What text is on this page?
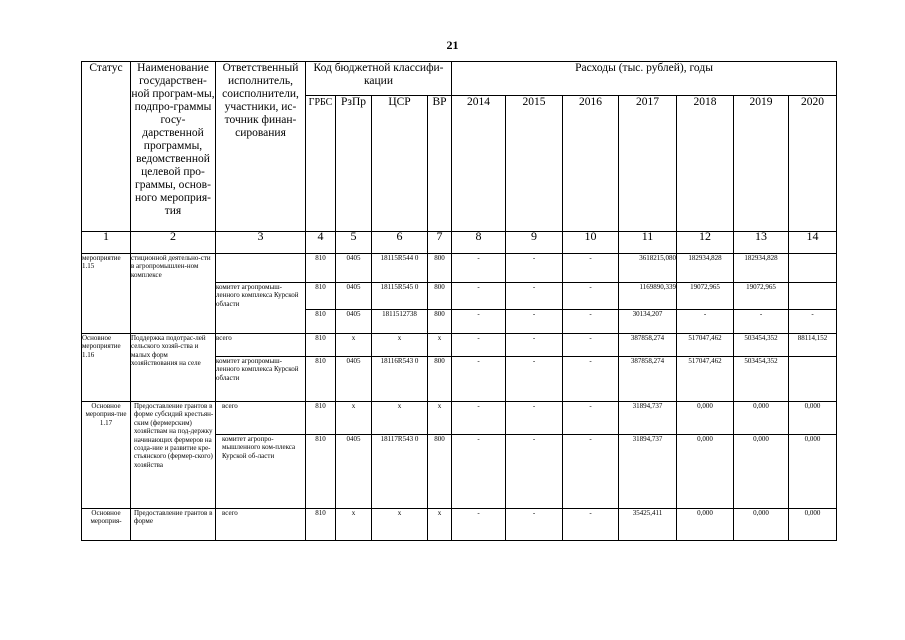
21
Статус	Наименование государствен-ной програм-мы, подпро-граммы госу-дарственной программы, ведомственной целевой про-граммы, основ-ного мероприя-тия	Ответственный исполнитель, соисполнители, участники, ис-точник финан-сирования	Код бюджетной классифи-кации				Расходы (тыс. рублей), годы						
			ГРБС	РзПр	ЦСР	ВР	2014	2015	2016	2017	2018	2019	2020
1	2	3	4	5	6	7	8	9	10	11	12	13	14
мероприятие 1.15	стиционной деятельно-сти в агропромышлен-ном комплексе		810	0405	18115R544 0	800	-	-	-	3618215,080	182934,828	182934,828	
		комитет агропромыш-ленного комплекса Курской области	810	0405	18115R545 0	800	-	-	-	1169890,339	19072,965	19072,965	
			810	0405	1811512738	800	-	-	-	30134,207	-	-	-
Основное мероприятие 1.16	Поддержка подотрас-лей сельского хозяй-ства и малых форм хозяйствования на селе	всего	810	x	x	x	-	-	-	387858,274	517047,462	503454,352	88114,152
		комитет агропромыш-ленного комплекса Курской области	810	0405	18116R543 0	800	-	-	-	387858,274	517047,462	503454,352	
Основное мероприя-тие 1.17	Предоставление грантов в форме субсидий крестьян-ским (фермерским) хозяйствам на под-держку начинающих фермеров на созда-ние и развитие кре-стьянского (фермер-ского) хозяйства	всего	810	x	x	x	-	-	-	31894,737	0,000	0,000	0,000
		комитет агропро-мышленного ком-плекса Курской об-ласти	810	0405	18117R543 0	800	-	-	-	31894,737	0,000	0,000	0,000
Основное мероприя-	Предоставление грантов в форме	всего	810	x	x	x	-	-	-	35425,411	0,000	0,000	0,000
